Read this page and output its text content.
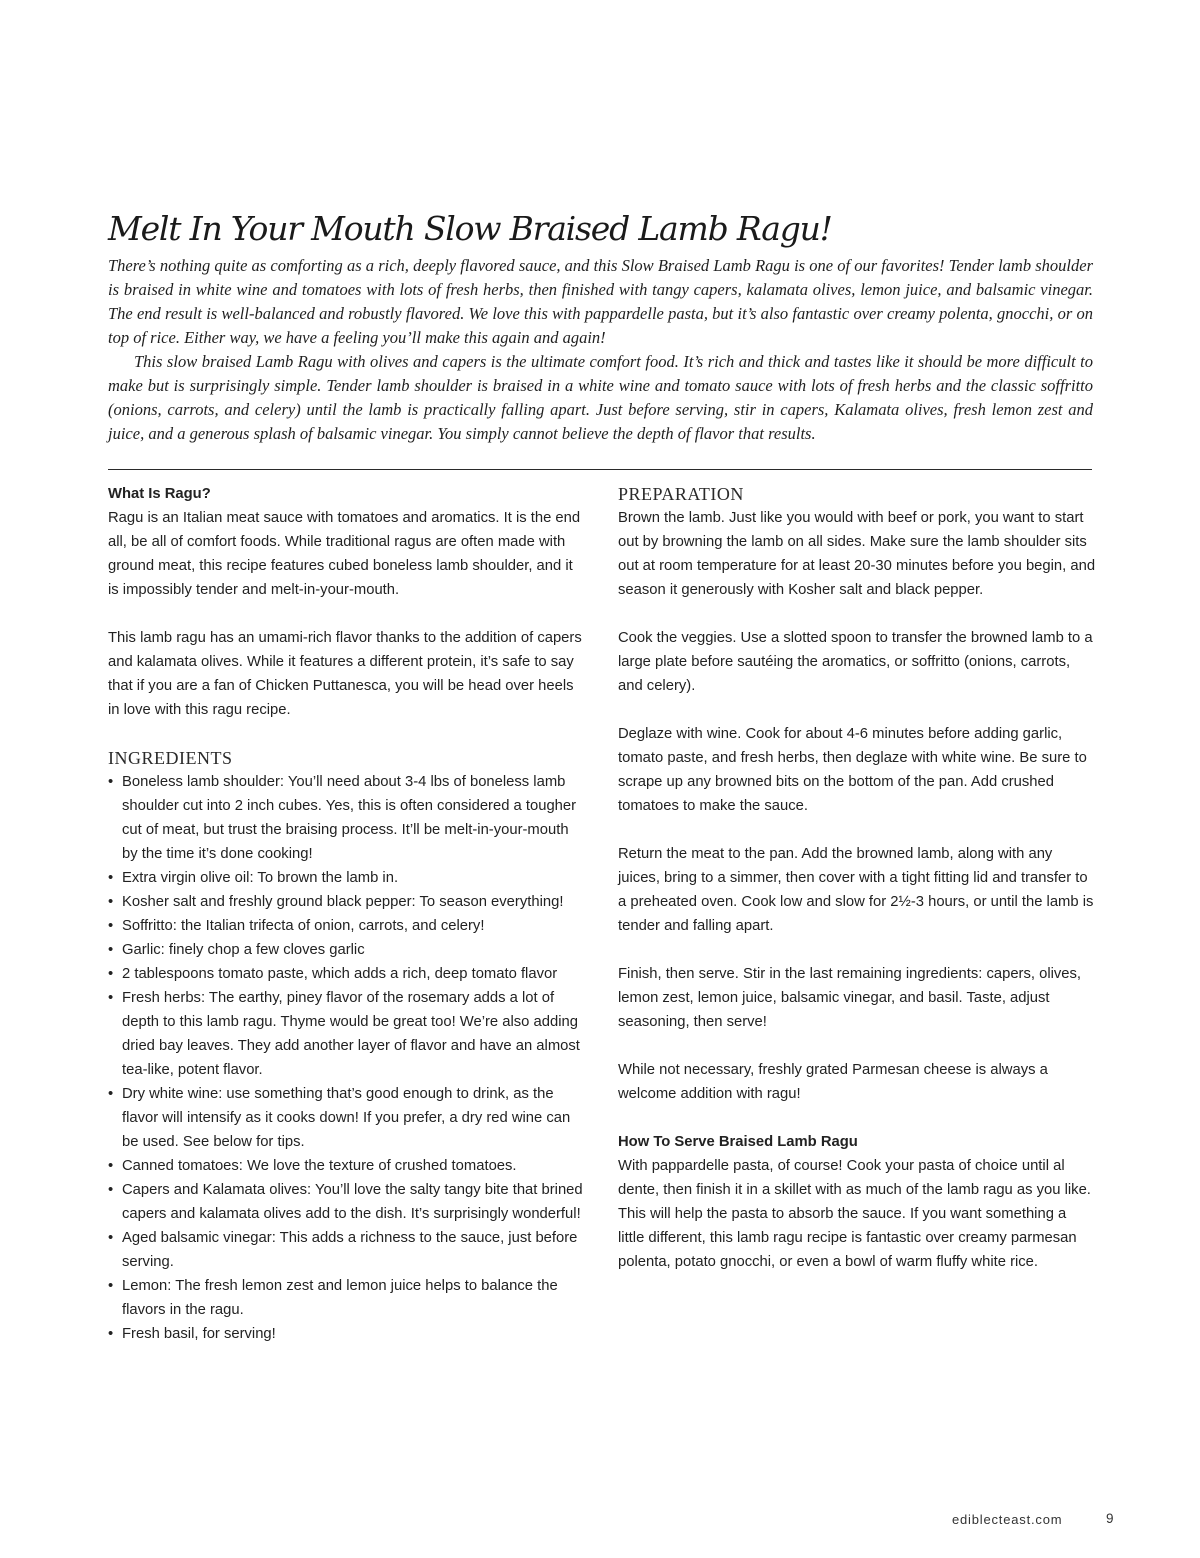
Melt In Your Mouth Slow Braised Lamb Ragu!

There’s nothing quite as comforting as a rich, deeply flavored sauce, and this Slow Braised Lamb Ragu is one of our favorites! Tender lamb shoulder is braised in white wine and tomatoes with lots of fresh herbs, then finished with tangy capers, kalamata olives, lemon juice, and balsamic vinegar. The end result is well-balanced and robustly flavored. We love this with pappardelle pasta, but it’s also fantastic over creamy polenta, gnocchi, or on top of rice. Either way, we have a feeling you’ll make this again and again!

This slow braised Lamb Ragu with olives and capers is the ultimate comfort food. It’s rich and thick and tastes like it should be more difficult to make but is surprisingly simple. Tender lamb shoulder is braised in a white wine and tomato sauce with lots of fresh herbs and the classic soffritto (onions, carrots, and celery) until the lamb is practically falling apart. Just before serving, stir in capers, Kalamata olives, fresh lemon zest and juice, and a generous splash of balsamic vinegar. You simply cannot believe the depth of flavor that results.

What Is Ragu?

Ragu is an Italian meat sauce with tomatoes and aromatics. It is the end all, be all of comfort foods. While traditional ragus are often made with ground meat, this recipe features cubed boneless lamb shoulder, and it is impossibly tender and melt-in-your-mouth.

This lamb ragu has an umami-rich flavor thanks to the addition of capers and kalamata olives. While it features a different protein, it’s safe to say that if you are a fan of Chicken Puttanesca, you will be head over heels in love with this ragu recipe.

INGREDIENTS
• Boneless lamb shoulder: You’ll need about 3-4 lbs of boneless lamb shoulder cut into 2 inch cubes. Yes, this is often considered a tougher cut of meat, but trust the braising process. It’ll be melt-in-your-mouth by the time it’s done cooking!
• Extra virgin olive oil: To brown the lamb in.
• Kosher salt and freshly ground black pepper: To season everything!
• Soffritto: the Italian trifecta of onion, carrots, and celery!
• Garlic: finely chop a few cloves garlic
• 2 tablespoons tomato paste, which adds a rich, deep tomato flavor
• Fresh herbs: The earthy, piney flavor of the rosemary adds a lot of depth to this lamb ragu. Thyme would be great too! We’re also adding dried bay leaves. They add another layer of flavor and have an almost tea-like, potent flavor.
• Dry white wine: use something that’s good enough to drink, as the flavor will intensify as it cooks down! If you prefer, a dry red wine can be used. See below for tips.
• Canned tomatoes: We love the texture of crushed tomatoes.
• Capers and Kalamata olives: You’ll love the salty tangy bite that brined capers and kalamata olives add to the dish. It’s surprisingly wonderful!
• Aged balsamic vinegar: This adds a richness to the sauce, just before serving.
• Lemon: The fresh lemon zest and lemon juice helps to balance the flavors in the ragu.
• Fresh basil, for serving!
PREPARATION

Brown the lamb. Just like you would with beef or pork, you want to start out by browning the lamb on all sides. Make sure the lamb shoulder sits out at room temperature for at least 20-30 minutes before you begin, and season it generously with Kosher salt and black pepper.

Cook the veggies. Use a slotted spoon to transfer the browned lamb to a large plate before sautéing the aromatics, or soffritto (onions, carrots, and celery).

Deglaze with wine. Cook for about 4-6 minutes before adding garlic, tomato paste, and fresh herbs, then deglaze with white wine. Be sure to scrape up any browned bits on the bottom of the pan. Add crushed tomatoes to make the sauce.

Return the meat to the pan. Add the browned lamb, along with any juices, bring to a simmer, then cover with a tight fitting lid and transfer to a preheated oven. Cook low and slow for 2½-3 hours, or until the lamb is tender and falling apart.

Finish, then serve. Stir in the last remaining ingredients: capers, olives, lemon zest, lemon juice, balsamic vinegar, and basil. Taste, adjust seasoning, then serve!

While not necessary, freshly grated Parmesan cheese is always a welcome addition with ragu!

How To Serve Braised Lamb Ragu

With pappardelle pasta, of course! Cook your pasta of choice until al dente, then finish it in a skillet with as much of the lamb ragu as you like. This will help the pasta to absorb the sauce. If you want something a little different, this lamb ragu recipe is fantastic over creamy parmesan polenta, potato gnocchi, or even a bowl of warm fluffy white rice.

ediblecteast.com	9
